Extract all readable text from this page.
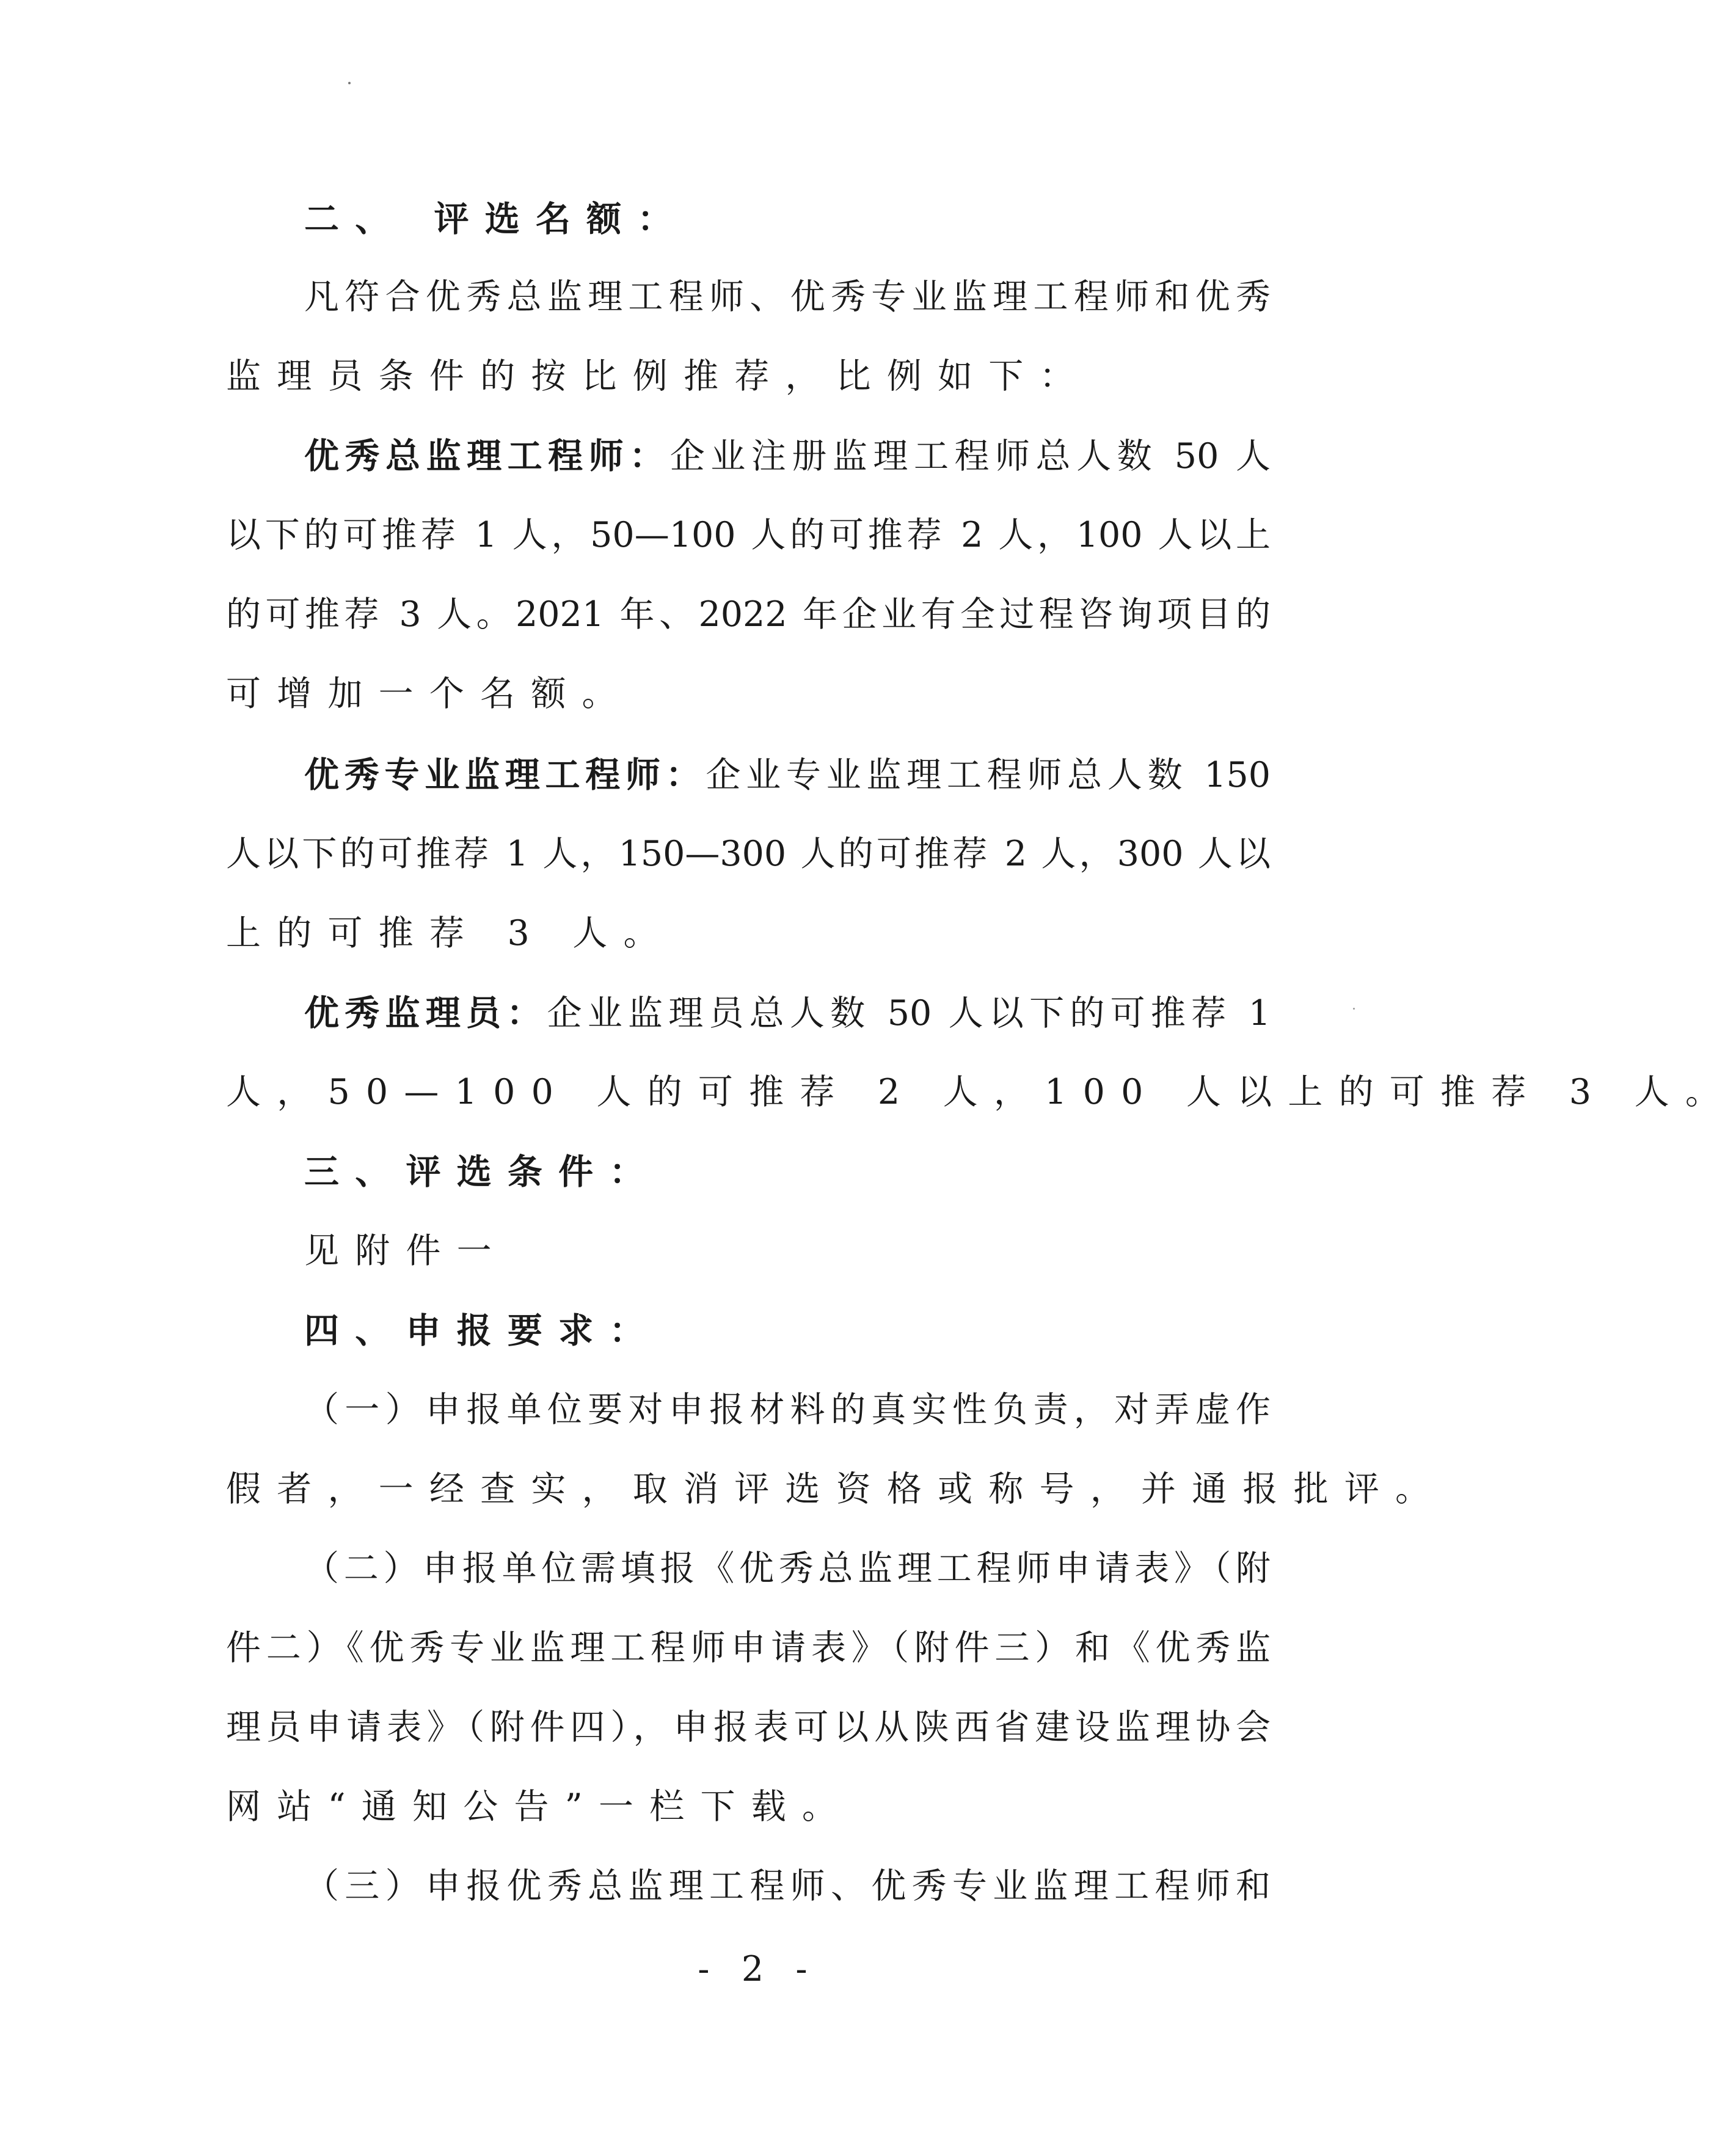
二、 评选名额：
凡符合优秀总监理工程师、优秀专业监理工程师和优秀
监理员条件的按比例推荐，比例如下：
优秀总监理工程师：企业注册监理工程师总人数 50 人
以下的可推荐 1 人，50—100 人的可推荐 2 人，100 人以上
的可推荐 3 人。2021 年、2022 年企业有全过程咨询项目的
可增加一个名额。
优秀专业监理工程师：企业专业监理工程师总人数 150
人以下的可推荐 1 人，150—300 人的可推荐 2 人，300 人以
上的可推荐 3 人。
优秀监理员：企业监理员总人数 50 人以下的可推荐 1
人，50—100 人的可推荐 2 人，100 人以上的可推荐 3 人。
三、评选条件：
见附件一
四、申报要求：
（一）申报单位要对申报材料的真实性负责，对弄虚作
假者，一经查实，取消评选资格或称号，并通报批评。
（二）申报单位需填报《优秀总监理工程师申请表》（附
件二）《优秀专业监理工程师申请表》（附件三）和《优秀监
理员申请表》（附件四），申报表可以从陕西省建设监理协会
网站“通知公告”一栏下载。
（三）申报优秀总监理工程师、优秀专业监理工程师和
- 2 -
